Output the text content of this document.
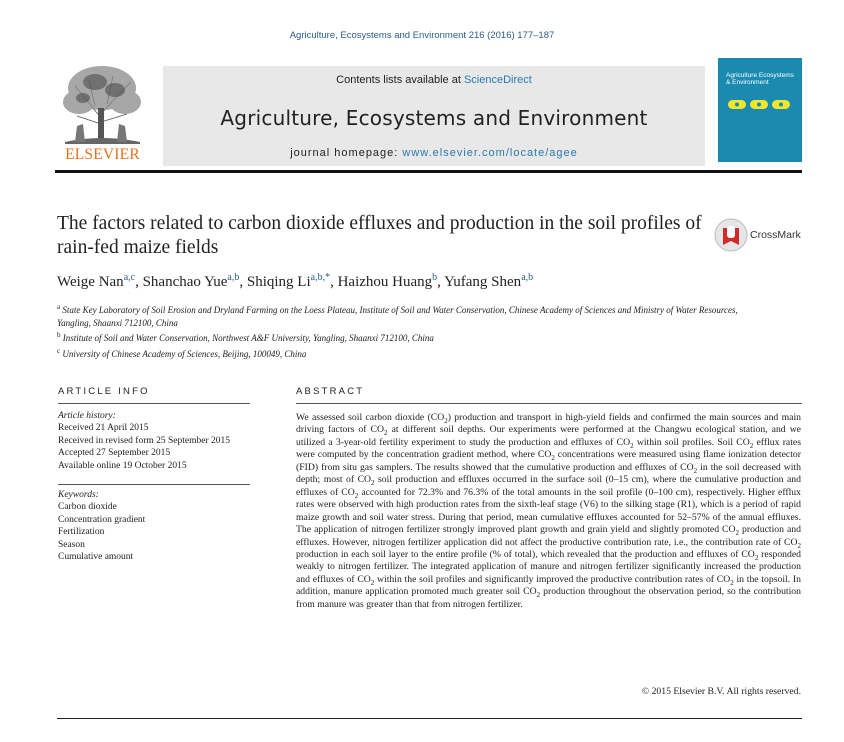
Agriculture, Ecosystems and Environment 216 (2016) 177–187
ELSEVIER
Contents lists available at ScienceDirect
Agriculture, Ecosystems and Environment
journal homepage: www.elsevier.com/locate/agee
Agriculture Ecosystems & Environment
The factors related to carbon dioxide effluxes and production in the soil profiles of rain-fed maize fields
CrossMark
Weige Nan$^{a,c}$, Shanchao Yue$^{a,b}$, Shiqing $Li^{a,b,*}$, Haizhou Huang$^b$, Yufang Shen$^{a,b}$
$^a$ State Key Laboratory of Soil Erosion and Dryland Farming on the Loess Plateau, Institute of Soil and Water Conservation, Chinese Academy of Sciences and Ministry of Water Resources, Yangling, Shaanxi 712100, China
$^b$ Institute of Soil and Water Conservation, Northwest A&F University, Yangling, Shaanxi 712100, China
$^c$ University of Chinese Academy of Sciences, Beijing, 100049, China
ARTICLE INFO	ABSTRACT
Article history:
Received 21 April 2015
Received in revised form 25 September 2015
Accepted 27 September 2015
Available online 19 October 2015
Keywords:
Carbon dioxide
Concentration gradient
Fertilization
Season
Cumulative amount
We assessed soil carbon dioxide $(CO_2)$ production and transport in high-yield fields and confirmed the main sources and main driving factors of $CO_2$ at different soil depths. Our experiments were performed at the Changwu ecological station, and we utilized a 3-year-old fertility experiment to study the production and effluxes of $CO_2$ within soil profiles. Soil $CO_2$ efflux rates were computed by the concentration gradient method, where $CO_2$ concentrations were measured using flame ionization detector (FID) from situ gas samplers. The results showed that the cumulative production and effluxes of $CO_2$ in the soil decreased with depth; most of $CO_2$ soil production and effluxes occurred in the surface soil (0–15 cm), where the cumulative production and effluxes of $CO_2$ accounted for 72.3% and 76.3% of the total amounts in the soil profile (0–100 cm), respectively. Higher efflux rates were observed with high production rates from the sixth-leaf stage (V6) to the silking stage (R1), which is a period of rapid maize growth and soil water stress. During that period, mean cumulative effluxes accounted for 52–57% of the annual effluxes. The application of nitrogen fertilizer strongly improved plant growth and grain yield and slightly promoted $CO_2$ production and effluxes. However, nitrogen fertilizer application did not affect the productive contribution rate, i.e., the contribution rate of $CO_2$ production in each soil layer to the entire profile (% of total), which revealed that the production and effluxes of $CO_2$ responded weakly to nitrogen fertilizer. The integrated application of manure and nitrogen fertilizer significantly increased the production and effluxes of $CO_2$ within the soil profiles and significantly improved the productive contribution rates of $CO_2$ in the topsoil. In addition, manure application promoted much greater soil $CO_2$ production throughout the observation period, so the contribution from manure was greater than that from nitrogen fertilizer.
© 2015 Elsevier B.V. All rights reserved.
